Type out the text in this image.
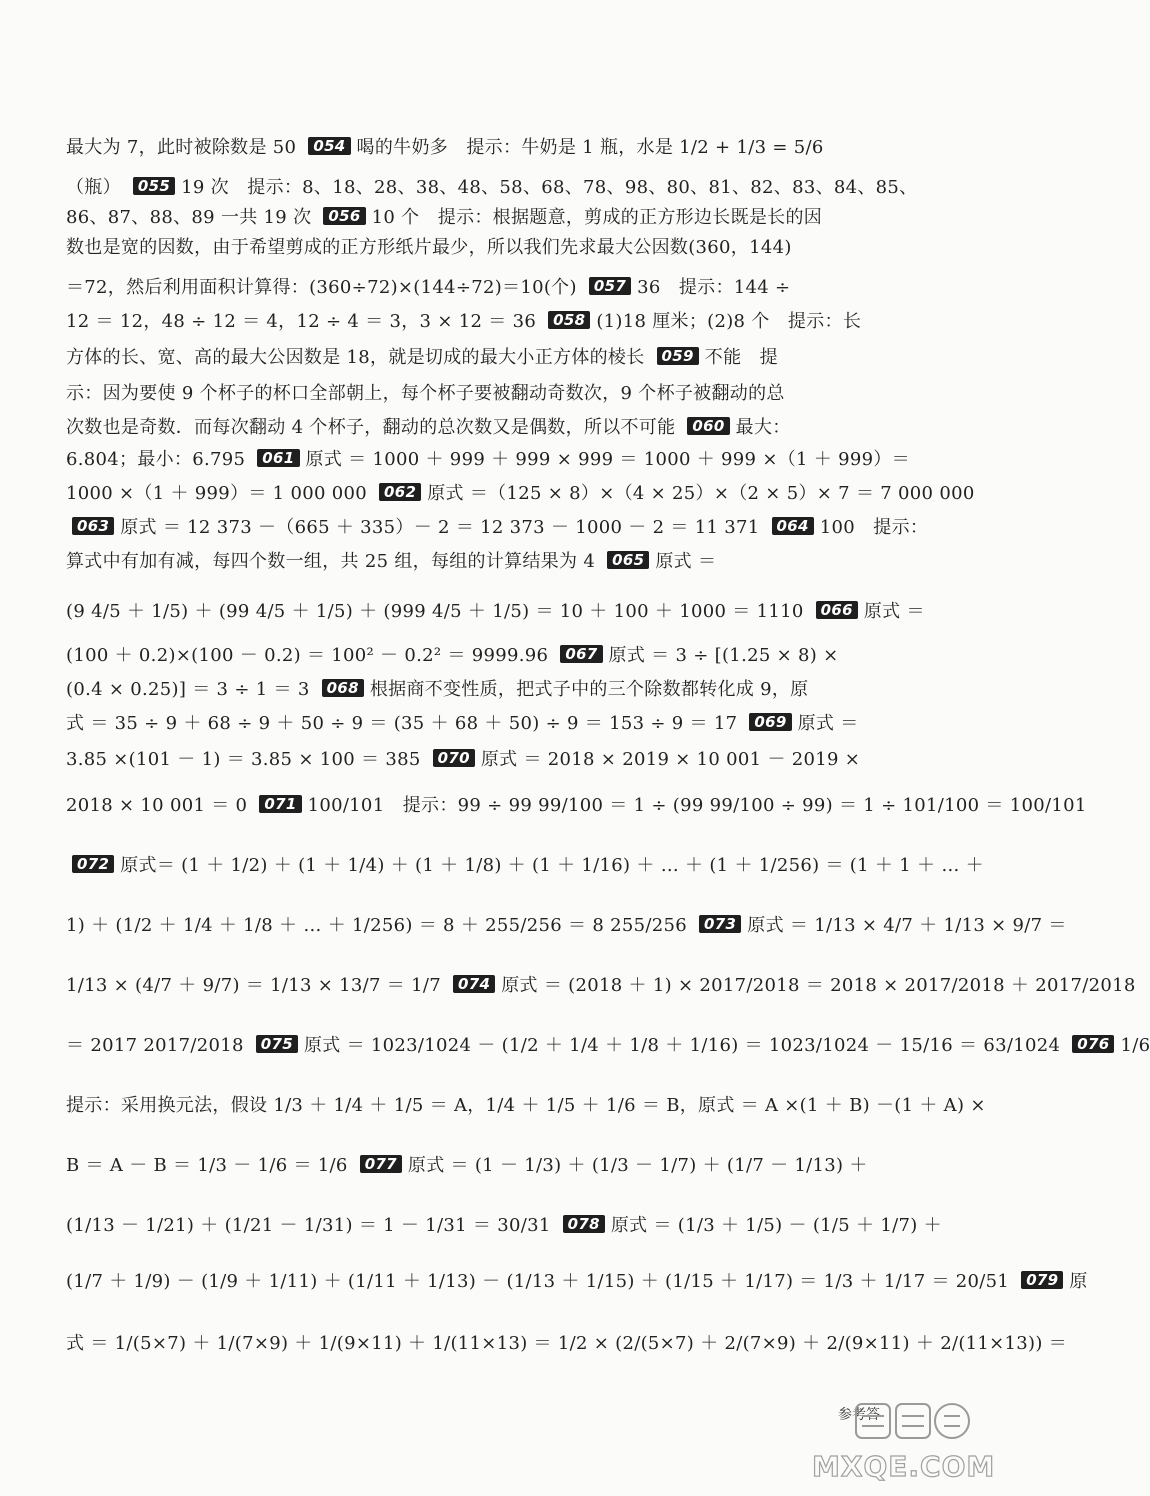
最大为 7，此时被除数是 50 054 喝的牛奶多　提示：牛奶是 1 瓶，水是 1/2 + 1/3 = 5/6
（瓶） 055 19 次　提示：8、18、28、38、48、58、68、78、98、80、81、82、83、84、85、
86、87、88、89 一共 19 次 056 10 个　提示：根据题意，剪成的正方形边长既是长的因
数也是宽的因数，由于希望剪成的正方形纸片最少，所以我们先求最大公因数(360，144)
＝72，然后利用面积计算得：(360÷72)×(144÷72)＝10(个) 057 36　提示：144 ÷
12 ＝ 12，48 ÷ 12 ＝ 4，12 ÷ 4 ＝ 3，3 × 12 ＝ 36 058 (1)18 厘米；(2)8 个　提示：长
方体的长、宽、高的最大公因数是 18，就是切成的最大小正方体的棱长 059 不能　提
示：因为要使 9 个杯子的杯口全部朝上，每个杯子要被翻动奇数次，9 个杯子被翻动的总
次数也是奇数．而每次翻动 4 个杯子，翻动的总次数又是偶数，所以不可能 060 最大：
6.804；最小：6.795 061 原式 ＝ 1000 ＋ 999 ＋ 999 × 999 ＝ 1000 ＋ 999 ×（1 ＋ 999）＝
1000 ×（1 ＋ 999）＝ 1 000 000 062 原式 ＝（125 × 8）×（4 × 25）×（2 × 5）× 7 ＝ 7 000 000
063 原式 ＝ 12 373 －（665 ＋ 335）－ 2 ＝ 12 373 － 1000 － 2 ＝ 11 371 064 100　提示：
算式中有加有减，每四个数一组，共 25 组，每组的计算结果为 4 065 原式 ＝
(9 4/5 ＋ 1/5) ＋ (99 4/5 ＋ 1/5) ＋ (999 4/5 ＋ 1/5) ＝ 10 ＋ 100 ＋ 1000 ＝ 1110 066 原式 ＝
(100 ＋ 0.2)×(100 － 0.2) ＝ 100² － 0.2² ＝ 9999.96 067 原式 ＝ 3 ÷ [(1.25 × 8) ×
(0.4 × 0.25)] ＝ 3 ÷ 1 ＝ 3 068 根据商不变性质，把式子中的三个除数都转化成 9，原
式 ＝ 35 ÷ 9 ＋ 68 ÷ 9 ＋ 50 ÷ 9 ＝ (35 ＋ 68 ＋ 50) ÷ 9 ＝ 153 ÷ 9 ＝ 17 069 原式 ＝
3.85 ×(101 － 1) ＝ 3.85 × 100 ＝ 385 070 原式 ＝ 2018 × 2019 × 10 001 － 2019 ×
2018 × 10 001 ＝ 0 071 100/101　提示：99 ÷ 99 99/100 ＝ 1 ÷ (99 99/100 ÷ 99) ＝ 1 ÷ 101/100 ＝ 100/101
072 原式＝ (1 ＋ 1/2) ＋ (1 ＋ 1/4) ＋ (1 ＋ 1/8) ＋ (1 ＋ 1/16) ＋ … ＋ (1 ＋ 1/256) ＝ (1 ＋ 1 ＋ … ＋
1) ＋ (1/2 ＋ 1/4 ＋ 1/8 ＋ … ＋ 1/256) ＝ 8 ＋ 255/256 ＝ 8 255/256 073 原式 ＝ 1/13 × 4/7 ＋ 1/13 × 9/7 ＝
1/13 × (4/7 ＋ 9/7) ＝ 1/13 × 13/7 ＝ 1/7 074 原式 ＝ (2018 ＋ 1) × 2017/2018 ＝ 2018 × 2017/2018 ＋ 2017/2018
＝ 2017 2017/2018 075 原式 ＝ 1023/1024 － (1/2 ＋ 1/4 ＋ 1/8 ＋ 1/16) ＝ 1023/1024 － 15/16 ＝ 63/1024 076 1/6
提示：采用换元法，假设 1/3 ＋ 1/4 ＋ 1/5 ＝ A，1/4 ＋ 1/5 ＋ 1/6 ＝ B，原式 ＝ A ×(1 ＋ B) －(1 ＋ A) ×
B ＝ A － B ＝ 1/3 － 1/6 ＝ 1/6 077 原式 ＝ (1 － 1/3) ＋ (1/3 － 1/7) ＋ (1/7 － 1/13) ＋
(1/13 － 1/21) ＋ (1/21 － 1/31) ＝ 1 － 1/31 ＝ 30/31 078 原式 ＝ (1/3 ＋ 1/5) － (1/5 ＋ 1/7) ＋
(1/7 ＋ 1/9) － (1/9 ＋ 1/11) ＋ (1/11 ＋ 1/13) － (1/13 ＋ 1/15) ＋ (1/15 ＋ 1/17) ＝ 1/3 ＋ 1/17 ＝ 20/51 079 原
式 ＝ 1/(5×7) ＋ 1/(7×9) ＋ 1/(9×11) ＋ 1/(11×13) ＝ 1/2 × (2/(5×7) ＋ 2/(7×9) ＋ 2/(9×11) ＋ 2/(11×13)) ＝
参考答
MXQE.COM
